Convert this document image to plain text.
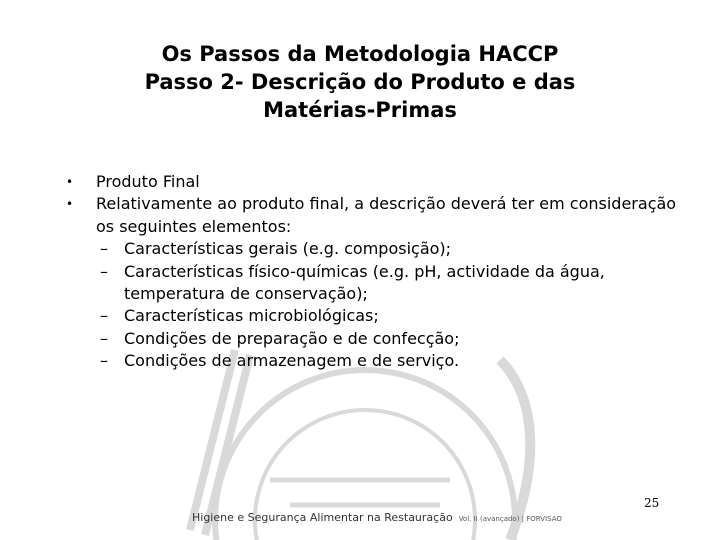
Os Passos da Metodologia HACCP
Passo 2- Descrição do Produto e das
Matérias-Primas
• Produto Final
• Relativamente ao produto final, a descrição deverá ter em consideração os seguintes elementos:
– Características gerais (e.g. composição);
– Características físico-químicas (e.g. pH, actividade da água, temperatura de conservação);
– Características microbiológicas;
– Condições de preparação e de confecção;
– Condições de armazenagem e de serviço.
25
Higiene e Segurança Alimentar na Restauração Vol. II (avançado) | FORVISAO
